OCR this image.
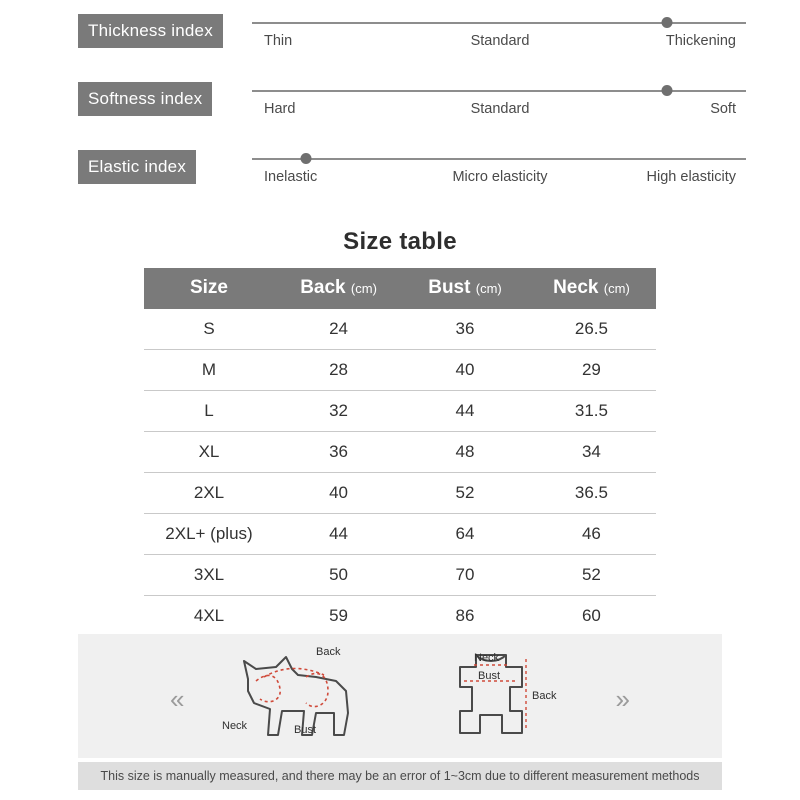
Thickness index
Thin	Standard	Thickening
Softness index
Hard	Standard	Soft
Elastic index
Inelastic	Micro elasticity	High elasticity
Size table
Size	Back (cm)	Bust (cm)	Neck (cm)
S	24	36	26.5
M	28	40	29
L	32	44	31.5
XL	36	48	34
2XL	40	52	36.5
2XL+ (plus)	44	64	46
3XL	50	70	52
4XL	59	86	60
«	»
Back
Bust
Neck
Neck
Bust
Back
This size is manually measured, and there may be an error of 1~3cm due to different measurement methods
